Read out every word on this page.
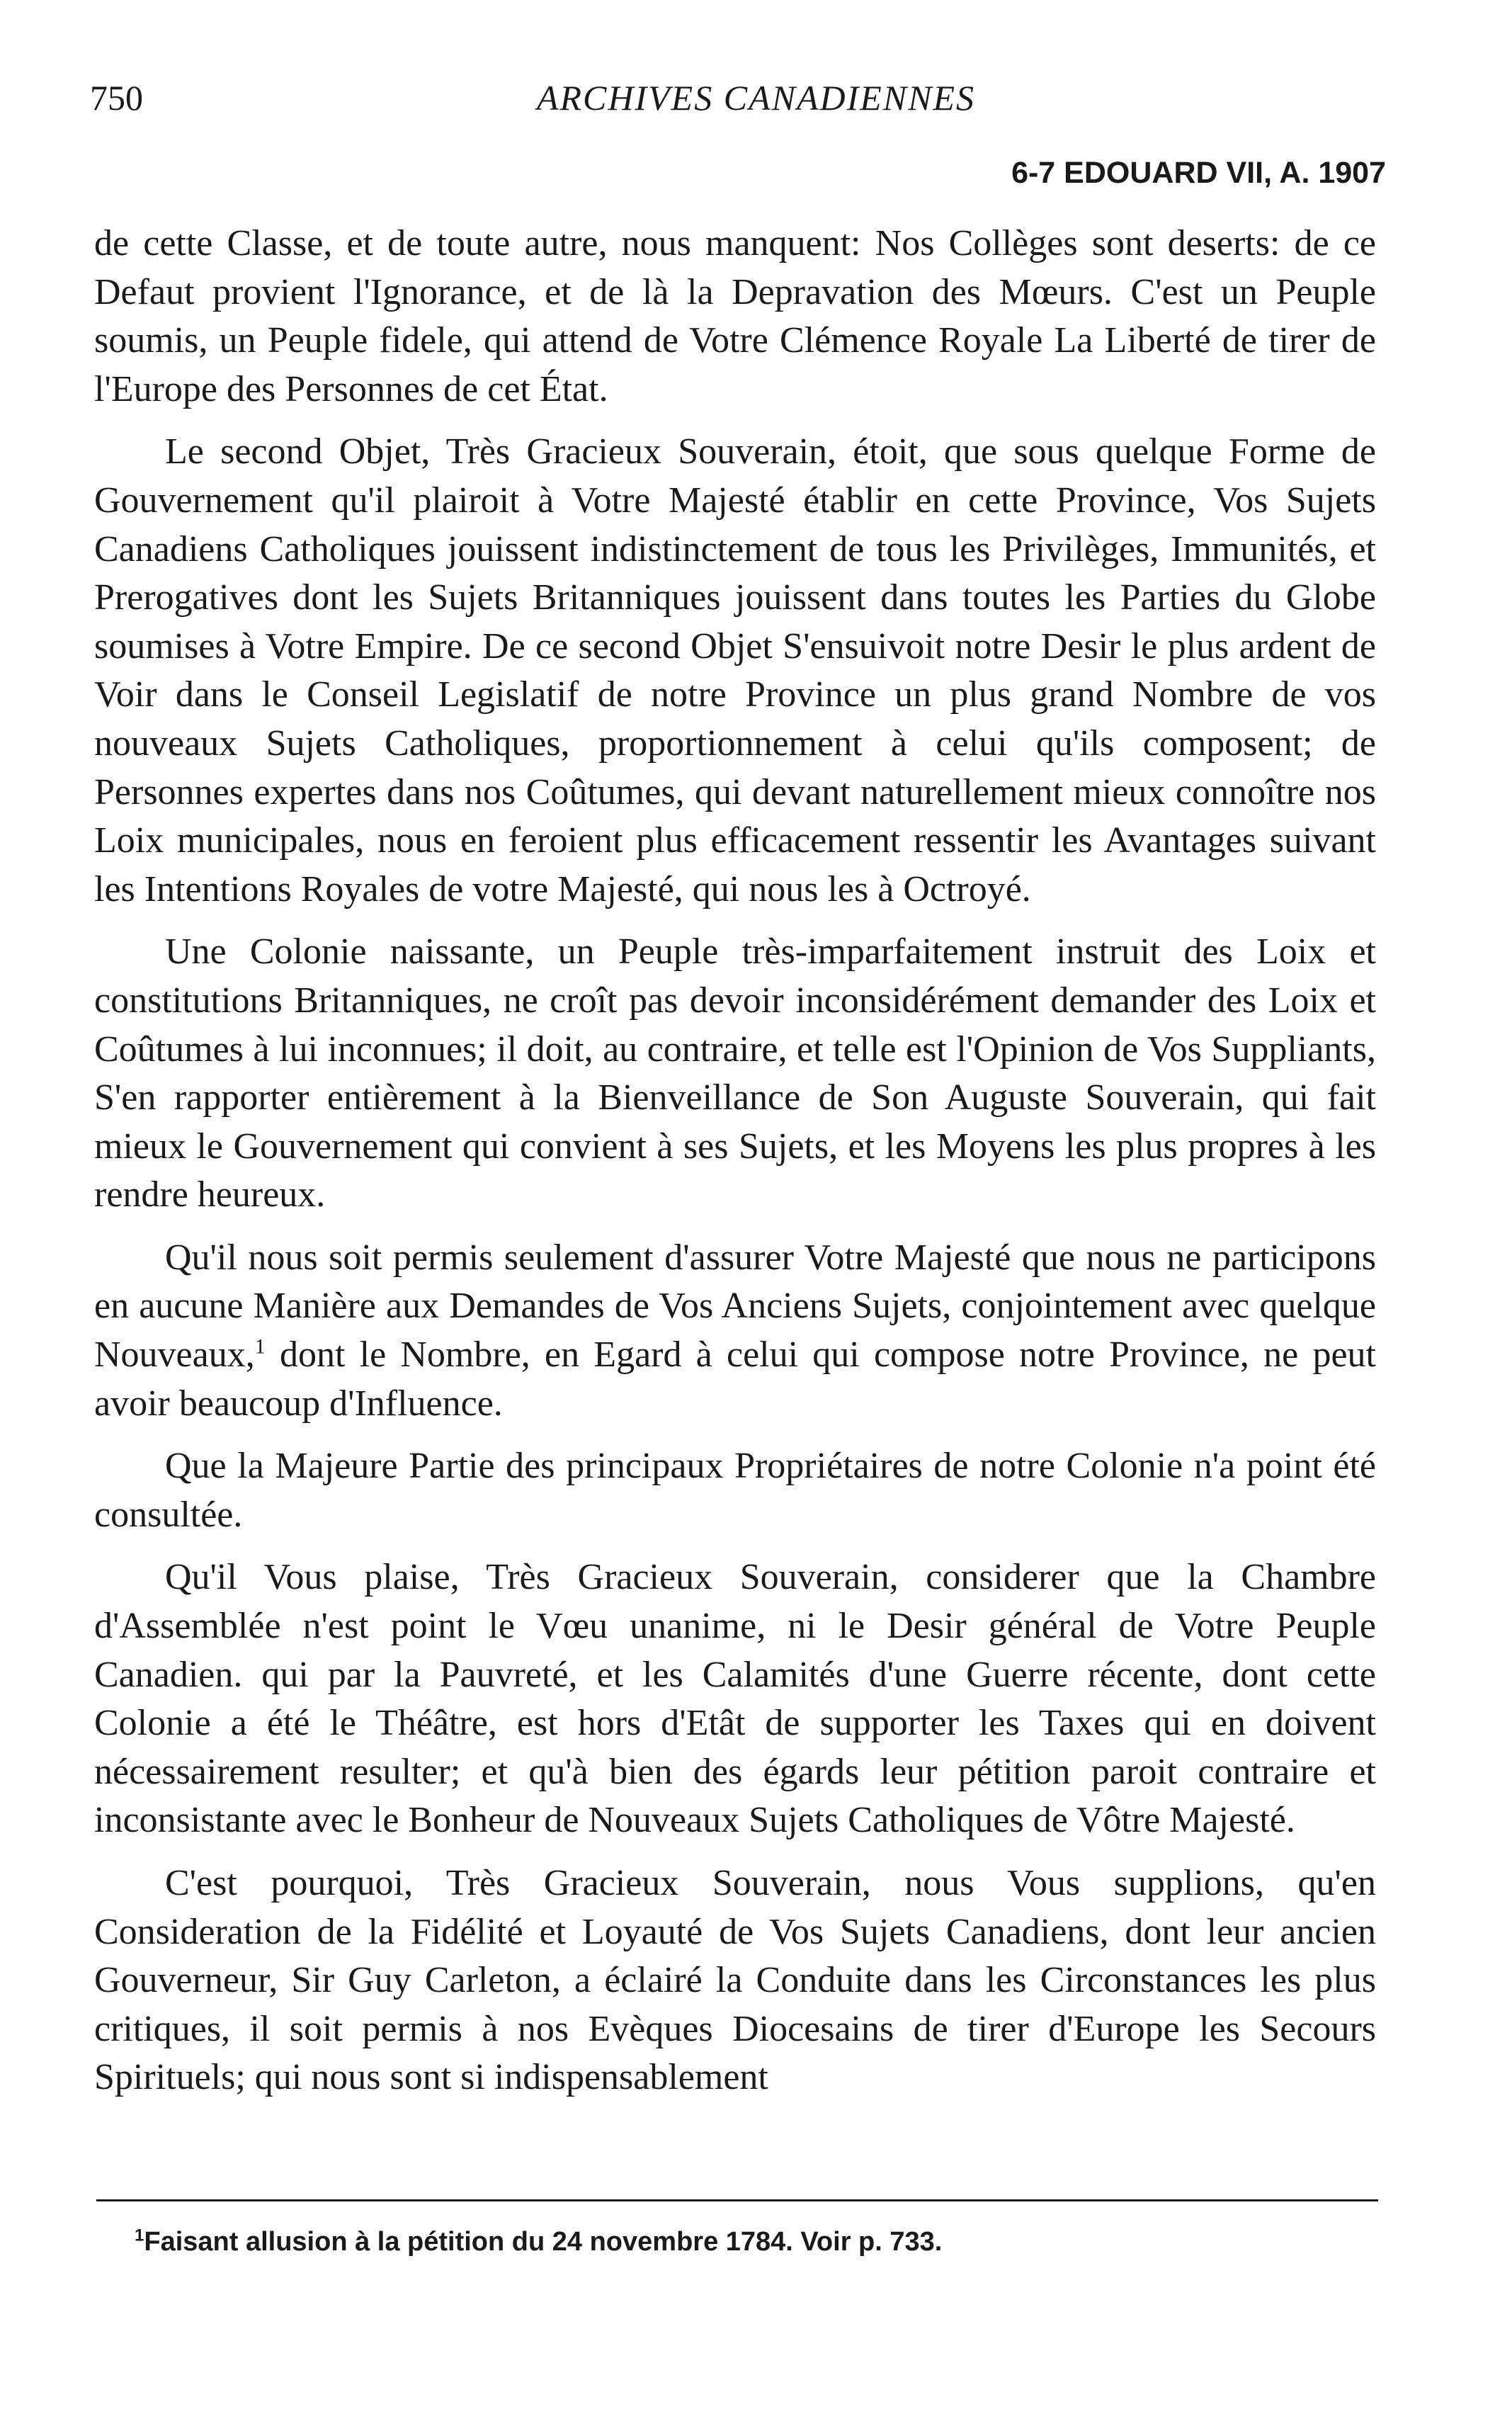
750	ARCHIVES CANADIENNES
6-7 EDOUARD VII, A. 1907

de cette Classe, et de toute autre, nous manquent: Nos Collèges sont deserts: de ce Defaut provient l'Ignorance, et de là la Depravation des Mœurs. C'est un Peuple soumis, un Peuple fidele, qui attend de Votre Clémence Royale La Liberté de tirer de l'Europe des Personnes de cet État.

Le second Objet, Très Gracieux Souverain, étoit, que sous quelque Forme de Gouvernement qu'il plairoit à Votre Majesté établir en cette Province, Vos Sujets Canadiens Catholiques jouissent indistinctement de tous les Privilèges, Immunités, et Prerogatives dont les Sujets Britanniques jouissent dans toutes les Parties du Globe soumises à Votre Empire. De ce second Objet S'ensuivoit notre Desir le plus ardent de Voir dans le Conseil Legislatif de notre Province un plus grand Nombre de vos nouveaux Sujets Catholiques, proportionnement à celui qu'ils composent; de Personnes expertes dans nos Coûtumes, qui devant naturellement mieux connoître nos Loix municipales, nous en feroient plus efficacement ressentir les Avantages suivant les Intentions Royales de votre Majesté, qui nous les à Octroyé.

Une Colonie naissante, un Peuple très-imparfaitement instruit des Loix et constitutions Britanniques, ne croît pas devoir inconsidérément demander des Loix et Coûtumes à lui inconnues; il doit, au contraire, et telle est l'Opinion de Vos Suppliants, S'en rapporter entièrement à la Bienveillance de Son Auguste Souverain, qui fait mieux le Gouvernement qui convient à ses Sujets, et les Moyens les plus propres à les rendre heureux.

Qu'il nous soit permis seulement d'assurer Votre Majesté que nous ne participons en aucune Manière aux Demandes de Vos Anciens Sujets, conjointement avec quelque Nouveaux,$^1$ dont le Nombre, en Egard à celui qui compose notre Province, ne peut avoir beaucoup d'Influence.

Que la Majeure Partie des principaux Propriétaires de notre Colonie n'a point été consultée.

Qu'il Vous plaise, Très Gracieux Souverain, considerer que la Chambre d'Assemblée n'est point le Vœu unanime, ni le Desir général de Votre Peuple Canadien. qui par la Pauvreté, et les Calamités d'une Guerre récente, dont cette Colonie a été le Théâtre, est hors d'Etât de supporter les Taxes qui en doivent nécessairement resulter; et qu'à bien des égards leur pétition paroit contraire et inconsistante avec le Bonheur de Nouveaux Sujets Catholiques de Vôtre Majesté.

C'est pourquoi, Très Gracieux Souverain, nous Vous supplions, qu'en Consideration de la Fidélité et Loyauté de Vos Sujets Canadiens, dont leur ancien Gouverneur, Sir Guy Carleton, a éclairé la Conduite dans les Circonstances les plus critiques, il soit permis à nos Evèques Diocesains de tirer d'Europe les Secours Spirituels; qui nous sont si indispensablement

$^1$Faisant allusion à la pétition du 24 novembre 1784. Voir p. 733.
